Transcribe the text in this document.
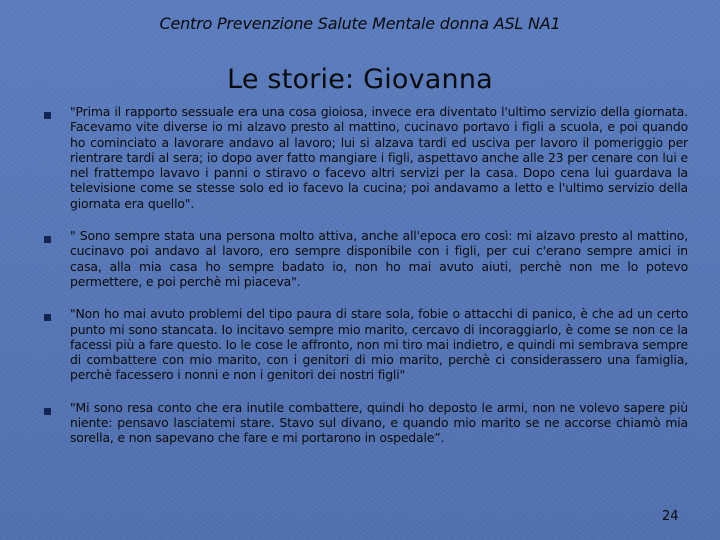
Centro Prevenzione Salute Mentale donna ASL NA1
Le storie: Giovanna
"Prima il rapporto sessuale era una cosa gioiosa, invece era diventato l'ultimo servizio della giornata. Facevamo vite diverse io mi alzavo presto al mattino, cucinavo portavo i figli a scuola, e poi quando ho cominciato a lavorare andavo al lavoro; lui si alzava tardi ed usciva per lavoro il pomeriggio per rientrare tardi al sera; io dopo aver fatto mangiare i figli, aspettavo anche alle 23 per cenare con lui e nel frattempo lavavo i panni o stiravo o facevo altri servizi per la casa. Dopo cena lui guardava la televisione come se stesse solo ed io facevo la cucina; poi andavamo a letto e l'ultimo servizio della giornata era quello".
" Sono sempre stata una persona molto attiva, anche all'epoca ero così: mi alzavo presto al mattino, cucinavo poi andavo al lavoro, ero sempre disponibile con i figli, per cui c'erano sempre amici in casa, alla mia casa ho sempre badato io, non ho mai avuto aiuti, perchè non me lo potevo permettere, e poi perchè mi piaceva".
"Non ho mai avuto problemi del tipo paura di stare sola, fobie o attacchi di panico, è che ad un certo punto mi sono stancata. Io incitavo sempre mio marito, cercavo di incoraggiarlo, è come se non ce la facessi più a fare questo. Io le cose le affronto, non mi tiro mai indietro, e quindi mi sembrava sempre di combattere con mio marito, con i genitori di mio marito, perchè ci considerassero una famiglia, perchè facessero i nonni e non i genitori dei nostri figli"
"Mi sono resa conto che era inutile combattere, quindi ho deposto le armi, non ne volevo sapere più niente: pensavo lasciatemi stare. Stavo sul divano, e quando mio marito se ne accorse chiamò mia sorella, e non sapevano che fare e mi portarono in ospedale”.
24
